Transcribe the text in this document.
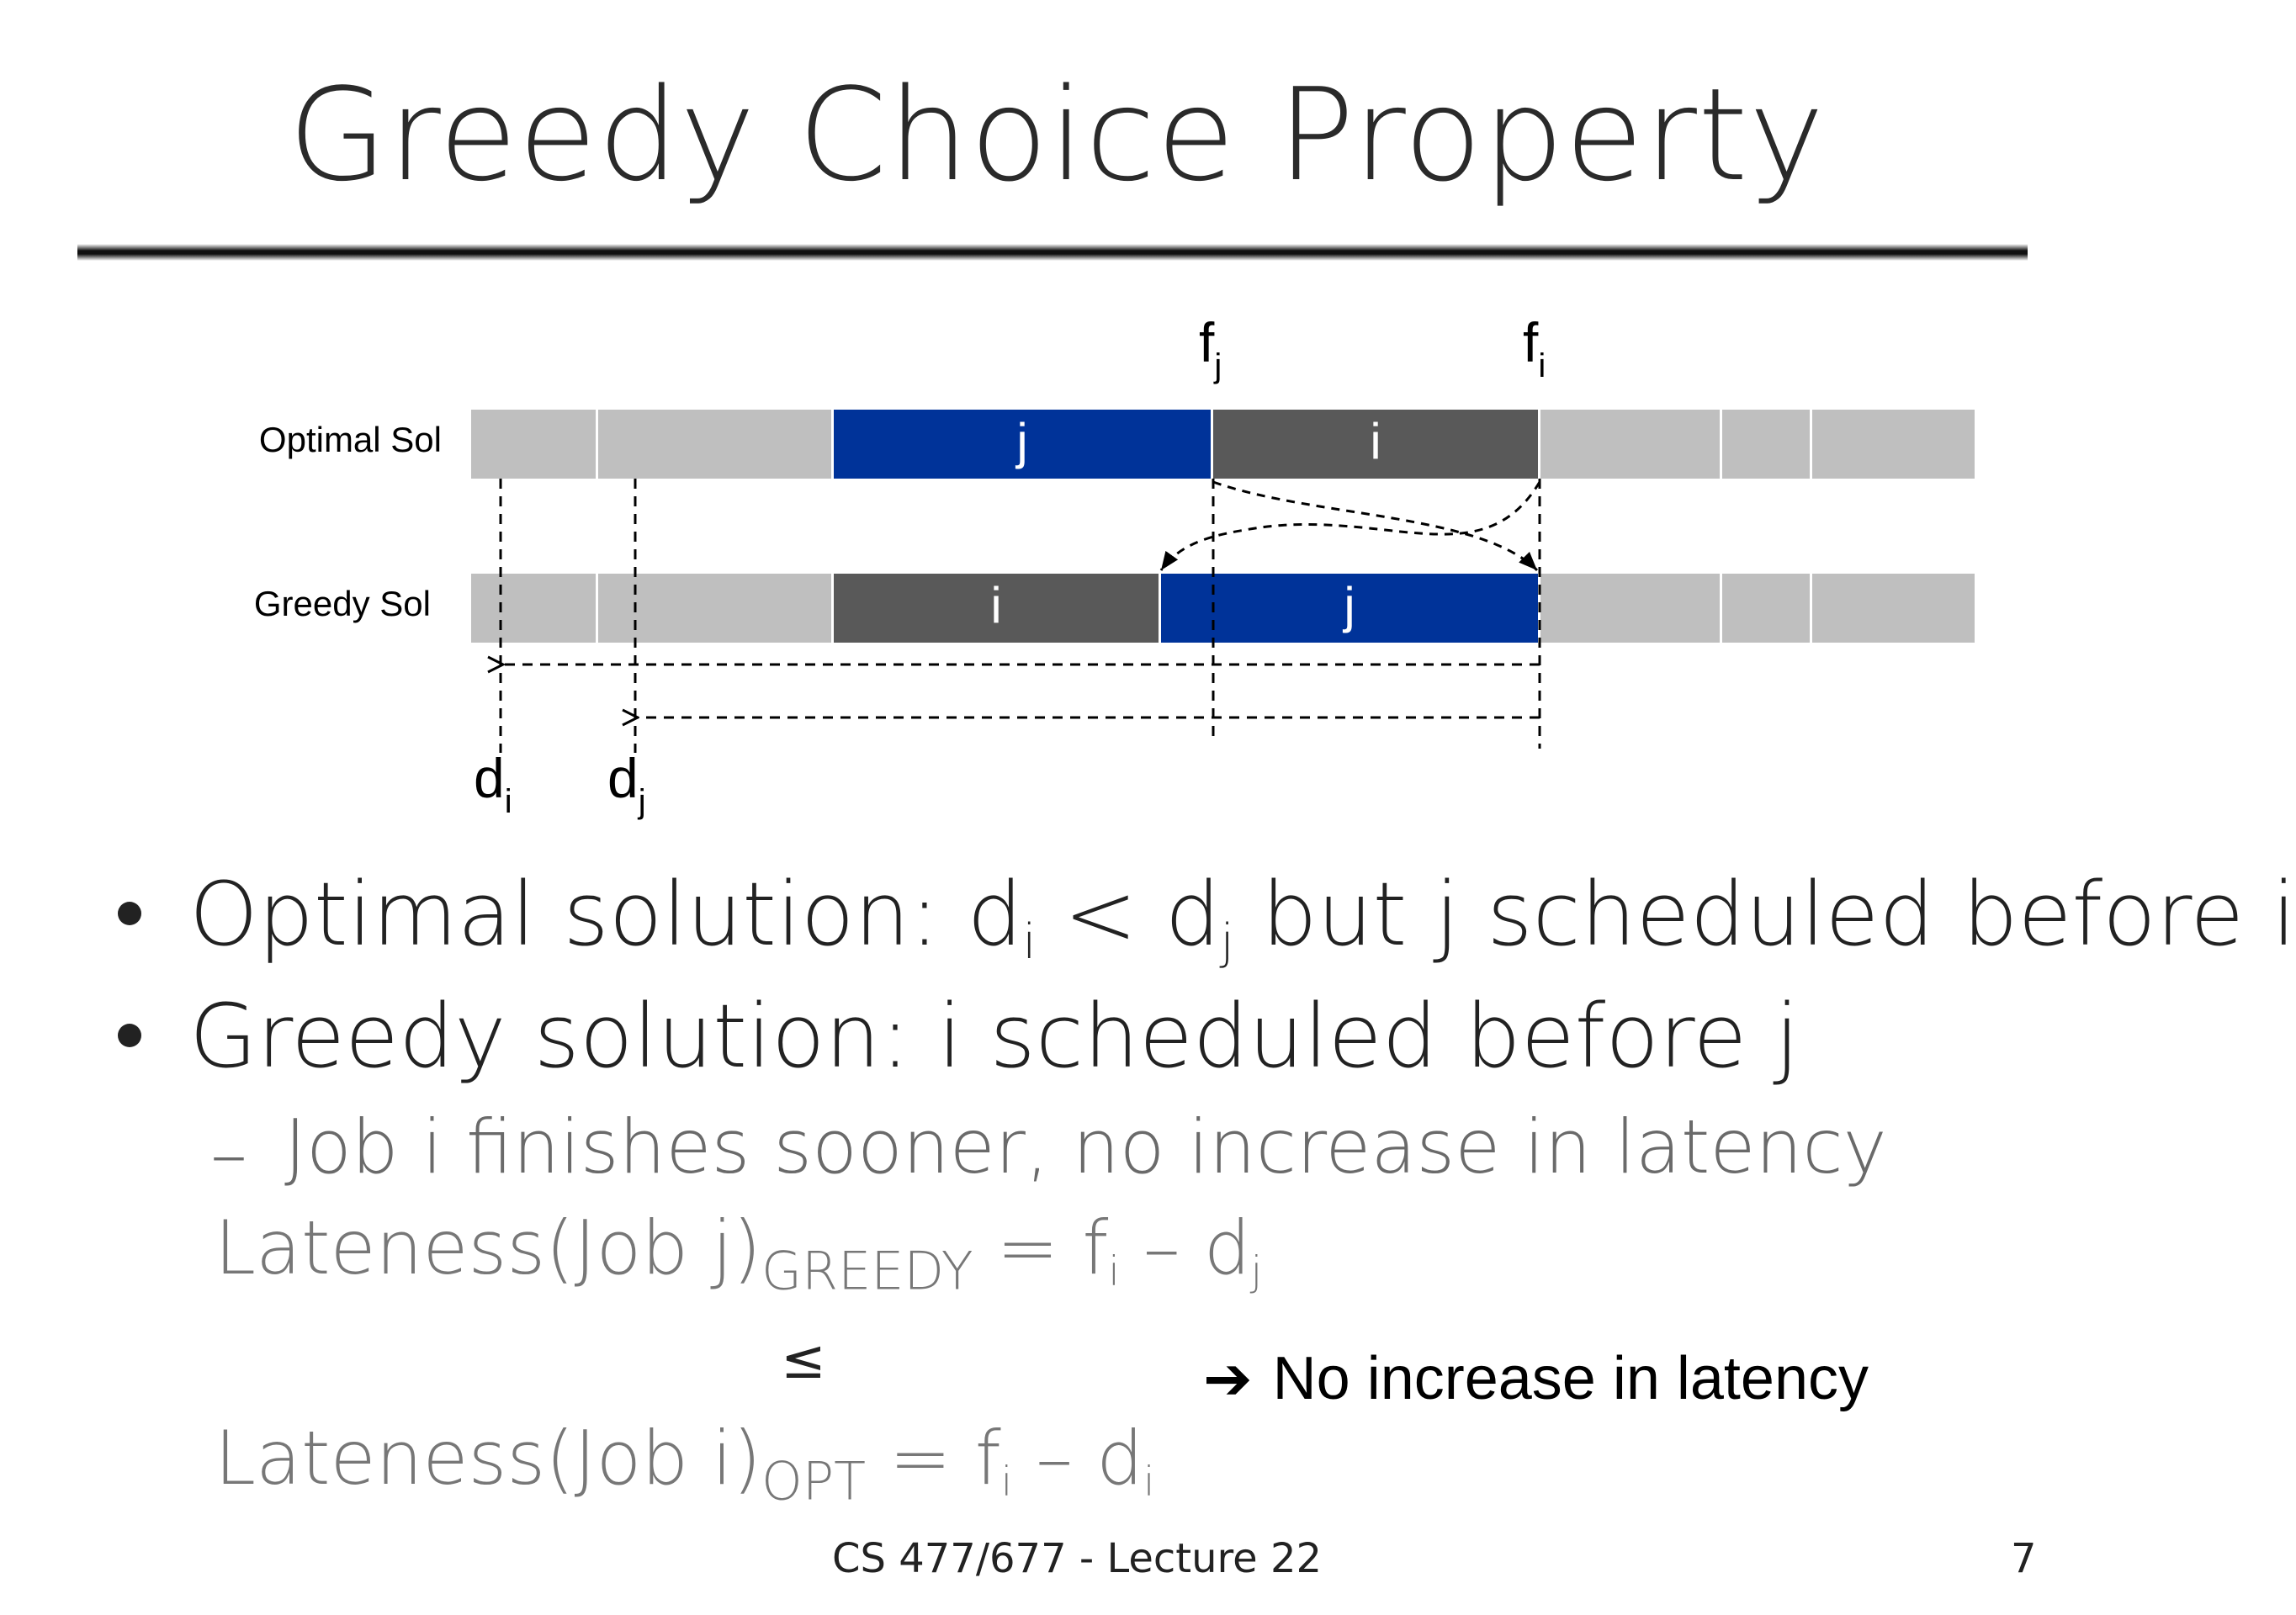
Greedy Choice Property
Optimal Sol
Greedy Sol
j	i
i	j
$f_j$	$f_i$
$d_i$ $d_j$
Optimal solution: $d_i < d_j$ but j scheduled before i
Greedy solution: i scheduled before j
– Job i finishes sooner, no increase in latency
Lateness(Job $j)_{GREEDY} = f_i - d_j$
≤	➔ No increase in latency
Lateness(Job $i)_{OPT} = f_i - d_i$
CS 477/677 - Lecture 22	7
